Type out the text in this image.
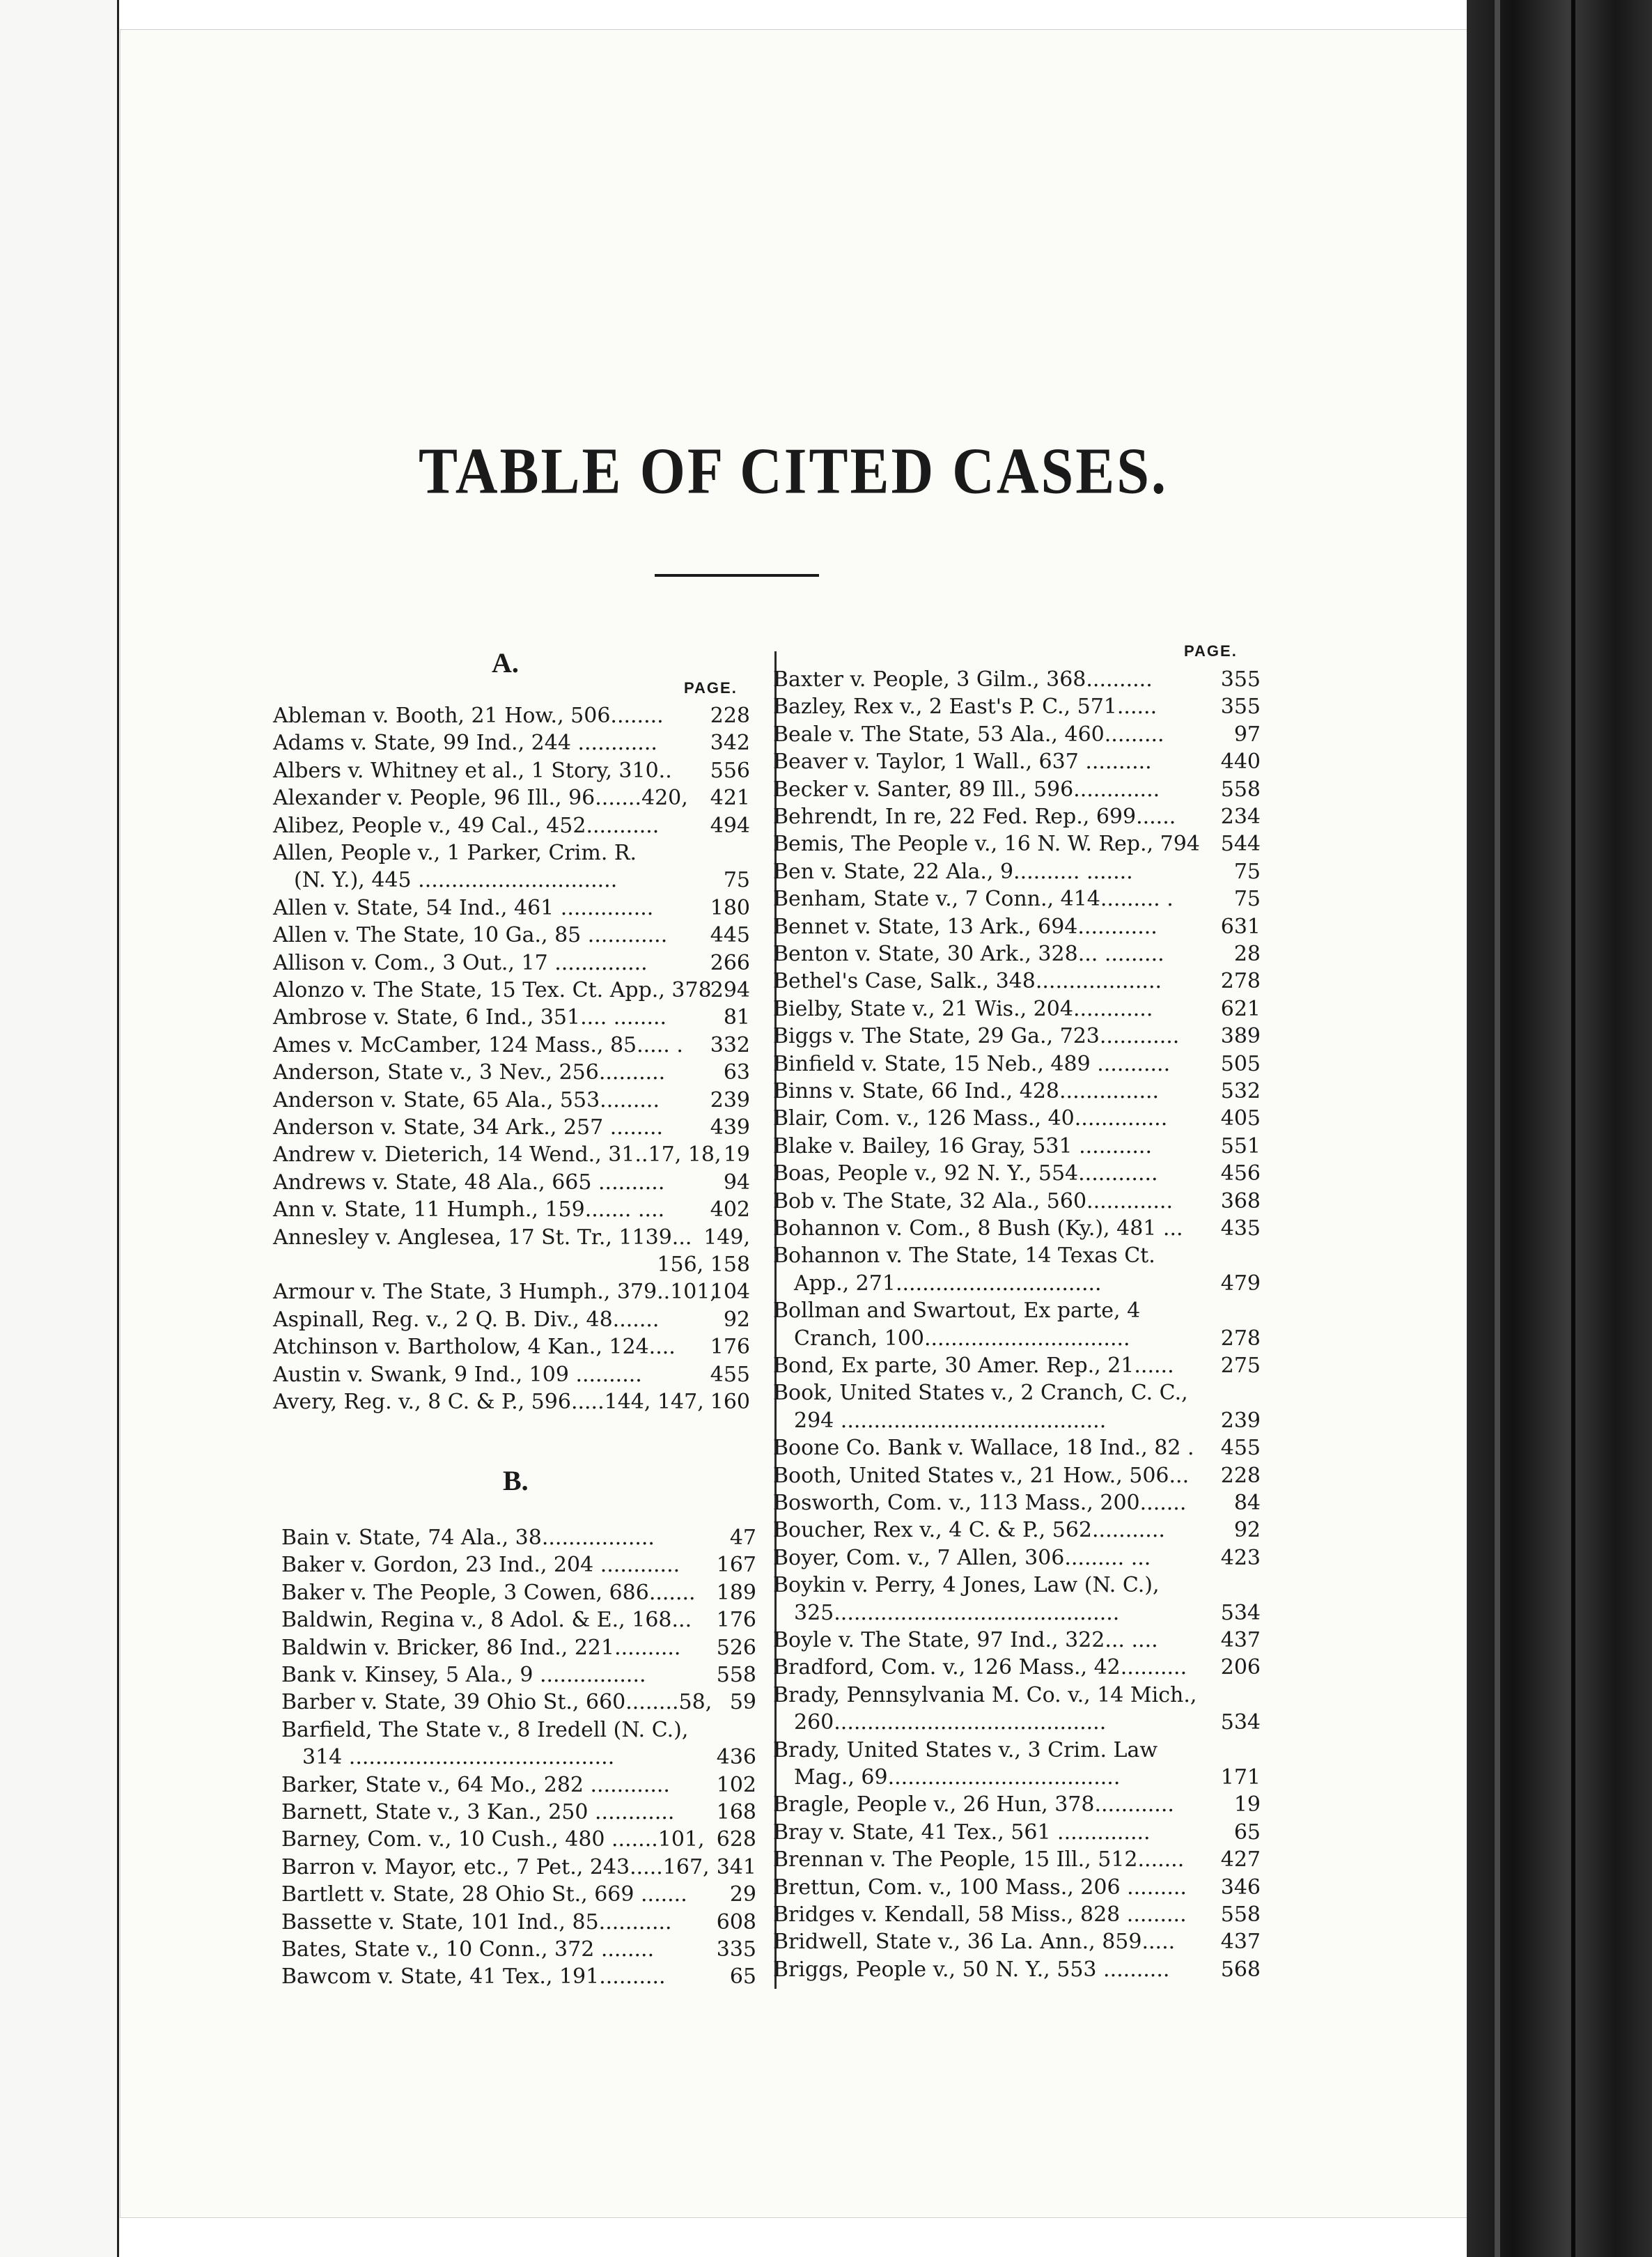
TABLE OF CITED CASES.
A.
PAGE.
Ableman v. Booth, 21 How., 506........ 228
Adams v. State, 99 Ind., 244 ............	342
Albers v. Whitney et al., 1 Story, 310.. 556
Alexander v. People, 96 Ill., 96.......420, 421
Alibez, People v., 49 Cal., 452........... 494
Allen, People v., 1 Parker, Crim. R.
(N. Y.), 445 ..............................	75
Allen v. State, 54 Ind., 461 ..............	180
Allen v. The State, 10 Ga., 85 ............ 445
Allison v. Com., 3 Out., 17 ..............	266
Alonzo v. The State, 15 Tex. Ct. App., 378
294
Ambrose v. State, 6 Ind., 351.... ........	81
Ames v. McCamber, 124 Mass., 85..... . 332
Anderson, State v., 3 Nev., 256..........	63
Anderson v. State, 65 Ala., 553......... 239
Anderson v. State, 34 Ark., 257 ........ 439
Andrew v. Dieterich, 14 Wend., 31..17, 18, 19
Andrews v. State, 48 Ala., 665 ..........	94
Ann v. State, 11 Humph., 159....... .... 402
Annesley v. Anglesea, 17 St. Tr., 1139... 149,
156, 158
Armour v. The State, 3 Humph., 379..101,
104
Aspinall, Reg. v., 2 Q. B. Div., 48.......	92
Atchinson v. Bartholow, 4 Kan., 124.... 176
Austin v. Swank, 9 Ind., 109 ..........	455
Avery, Reg. v., 8 C. & P., 596.....144, 147, 160
B.
Bain v. State, 74 Ala., 38.................	47
Baker v. Gordon, 23 Ind., 204 ............ 167
Baker v. The People, 3 Cowen, 686....... 189
Baldwin, Regina v., 8 Adol. & E., 168... 176
Baldwin v. Bricker, 86 Ind., 221.......... 526
Bank v. Kinsey, 5 Ala., 9 ................	558
Barber v. State, 39 Ohio St., 660........58, 59
Barfield, The State v., 8 Iredell (N. C.),
314 ........................................	436
Barker, State v., 64 Mo., 282 ............ 102
Barnett, State v., 3 Kan., 250 ............ 168
Barney, Com. v., 10 Cush., 480 .......101, 628
Barron v. Mayor, etc., 7 Pet., 243.....167, 341
Bartlett v. State, 28 Ohio St., 669 ....... 29
Bassette v. State, 101 Ind., 85........... 608
Bates, State v., 10 Conn., 372 ........	335
Bawcom v. State, 41 Tex., 191..........	65
PAGE.
Baxter v. People, 3 Gilm., 368..........	355
Bazley, Rex v., 2 East's P. C., 571......	355
Beale v. The State, 53 Ala., 460.........	97
Beaver v. Taylor, 1 Wall., 637 ..........	440
Becker v. Santer, 89 Ill., 596.............	558
Behrendt, In re, 22 Fed. Rep., 699...... 234
Bemis, The People v., 16 N. W. Rep., 794 544
Ben v. State, 22 Ala., 9.......... .......	75
Benham, State v., 7 Conn., 414......... .	75
Bennet v. State, 13 Ark., 694............	631
Benton v. State, 30 Ark., 328... .........	28
Bethel's Case, Salk., 348...................	278
Bielby, State v., 21 Wis., 204............	621
Biggs v. The State, 29 Ga., 723............ 389
Binfield v. State, 15 Neb., 489 ........... 505
Binns v. State, 66 Ind., 428...............	532
Blair, Com. v., 126 Mass., 40..............	405
Blake v. Bailey, 16 Gray, 531 ...........	551
Boas, People v., 92 N. Y., 554............	456
Bob v. The State, 32 Ala., 560............. 368
Bohannon v. Com., 8 Bush (Ky.), 481 ... 435
Bohannon v. The State, 14 Texas Ct.
App., 271...............................	479
Bollman and Swartout, Ex parte, 4
Cranch, 100...............................	278
Bond, Ex parte, 30 Amer. Rep., 21...... 275
Book, United States v., 2 Cranch, C. C.,
294 ........................................	239
Boone Co. Bank v. Wallace, 18 Ind., 82 . 455
Booth, United States v., 21 How., 506... 228
Bosworth, Com. v., 113 Mass., 200....... 84
Boucher, Rex v., 4 C. & P., 562...........	92
Boyer, Com. v., 7 Allen, 306......... ...	423
Boykin v. Perry, 4 Jones, Law (N. C.),
325...........................................	534
Boyle v. The State, 97 Ind., 322... ....	437
Bradford, Com. v., 126 Mass., 42.......... 206
Brady, Pennsylvania M. Co. v., 14 Mich.,
260.........................................	534
Brady, United States v., 3 Crim. Law
Mag., 69...................................	171
Bragle, People v., 26 Hun, 378............	19
Bray v. State, 41 Tex., 561 ..............	65
Brennan v. The People, 15 Ill., 512....... 427
Brettun, Com. v., 100 Mass., 206 ......... 346
Bridges v. Kendall, 58 Miss., 828 ......... 558
Bridwell, State v., 36 La. Ann., 859..... 437
Briggs, People v., 50 N. Y., 553 .......... 568
